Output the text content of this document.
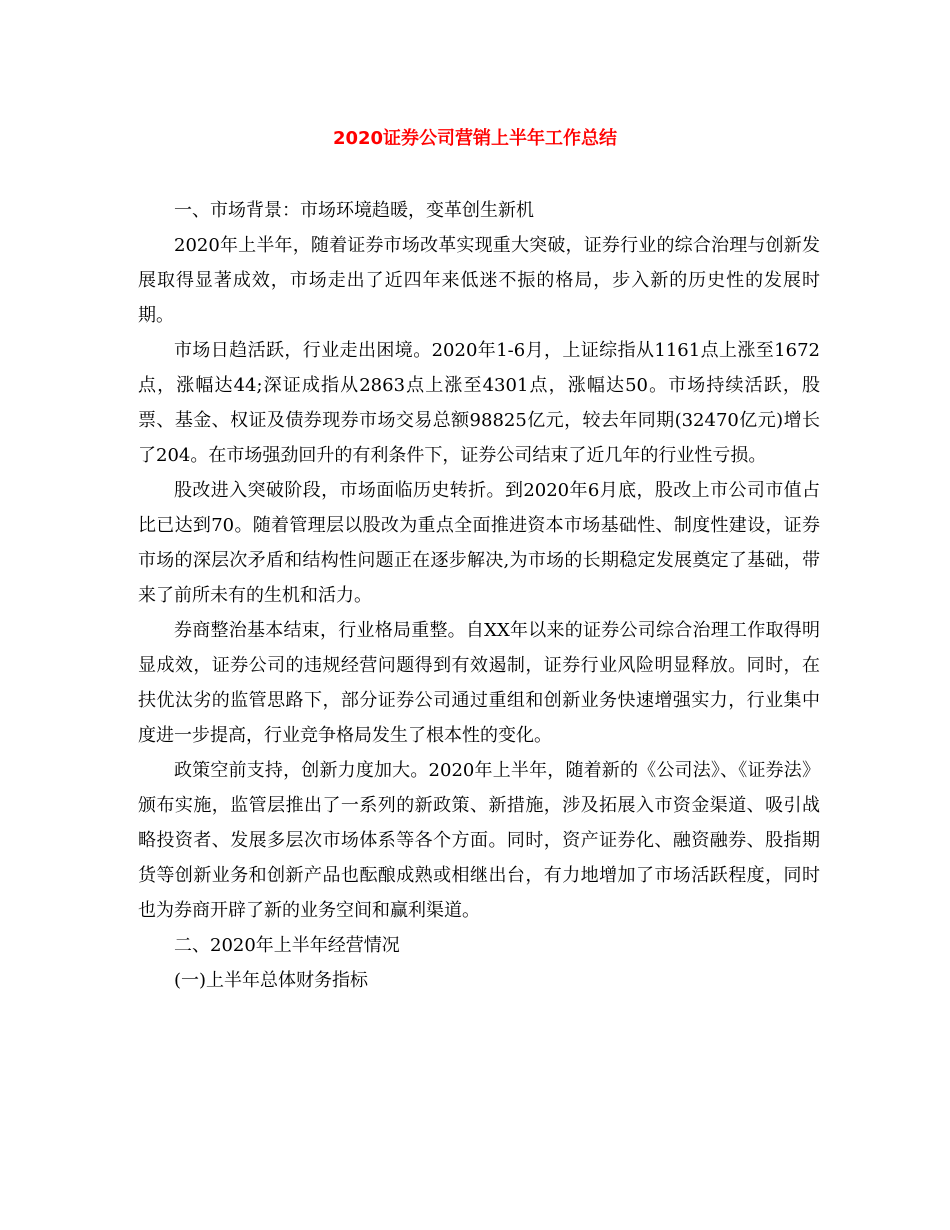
2020证券公司营销上半年工作总结

一、市场背景：市场环境趋暖，变革创生新机

2020年上半年，随着证券市场改革实现重大突破，证券行业的综合治理与创新发展取得显著成效，市场走出了近四年来低迷不振的格局，步入新的历史性的发展时期。

市场日趋活跃，行业走出困境。2020年1-6月，上证综指从1161点上涨至1672点，涨幅达44;深证成指从2863点上涨至4301点，涨幅达50。市场持续活跃，股票、基金、权证及债券现券市场交易总额98825亿元，较去年同期(32470亿元)增长了204。在市场强劲回升的有利条件下，证券公司结束了近几年的行业性亏损。

股改进入突破阶段，市场面临历史转折。到2020年6月底，股改上市公司市值占比已达到70。随着管理层以股改为重点全面推进资本市场基础性、制度性建设，证券市场的深层次矛盾和结构性问题正在逐步解决,为市场的长期稳定发展奠定了基础，带来了前所未有的生机和活力。

券商整治基本结束，行业格局重整。自XX年以来的证券公司综合治理工作取得明显成效，证券公司的违规经营问题得到有效遏制，证券行业风险明显释放。同时，在扶优汰劣的监管思路下，部分证券公司通过重组和创新业务快速增强实力，行业集中度进一步提高，行业竞争格局发生了根本性的变化。

政策空前支持，创新力度加大。2020年上半年，随着新的《公司法》、《证券法》颁布实施，监管层推出了一系列的新政策、新措施，涉及拓展入市资金渠道、吸引战略投资者、发展多层次市场体系等各个方面。同时，资产证券化、融资融券、股指期货等创新业务和创新产品也酝酿成熟或相继出台，有力地增加了市场活跃程度，同时也为券商开辟了新的业务空间和赢利渠道。

二、2020年上半年经营情况

(一)上半年总体财务指标
